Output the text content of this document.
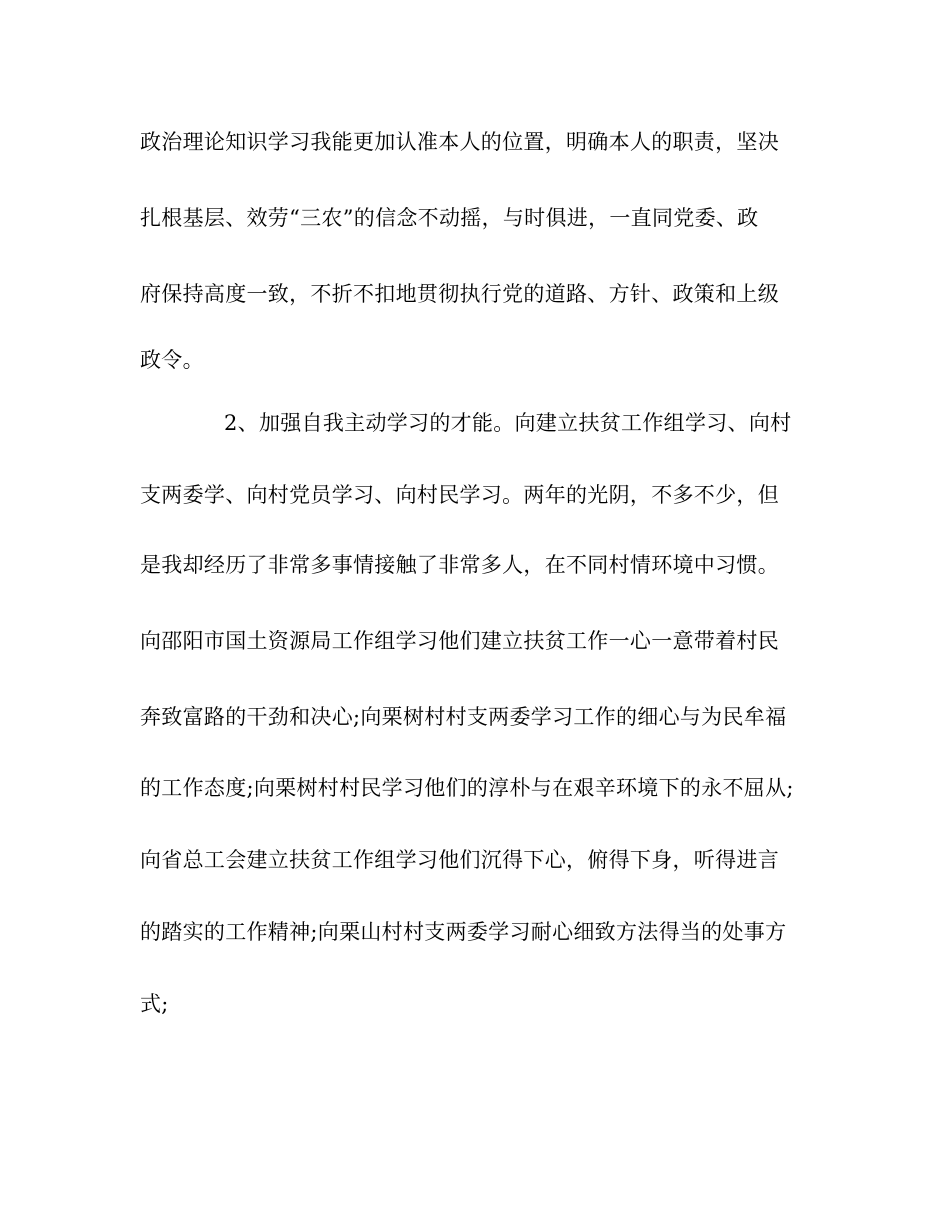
政治理论知识学习我能更加认准本人的位置，明确本人的职责，坚决
扎根基层、效劳“三农”的信念不动摇，与时俱进，一直同党委、政
府保持高度一致，不折不扣地贯彻执行党的道路、方针、政策和上级
政令。
2、加强自我主动学习的才能。向建立扶贫工作组学习、向村
支两委学、向村党员学习、向村民学习。两年的光阴，不多不少，但
是我却经历了非常多事情接触了非常多人，在不同村情环境中习惯。
向邵阳市国土资源局工作组学习他们建立扶贫工作一心一意带着村民
奔致富路的干劲和决心;向栗树村村支两委学习工作的细心与为民牟福
的工作态度;向栗树村村民学习他们的淳朴与在艰辛环境下的永不屈从;
向省总工会建立扶贫工作组学习他们沉得下心，俯得下身，听得进言
的踏实的工作精神;向栗山村村支两委学习耐心细致方法得当的处事方
式;
